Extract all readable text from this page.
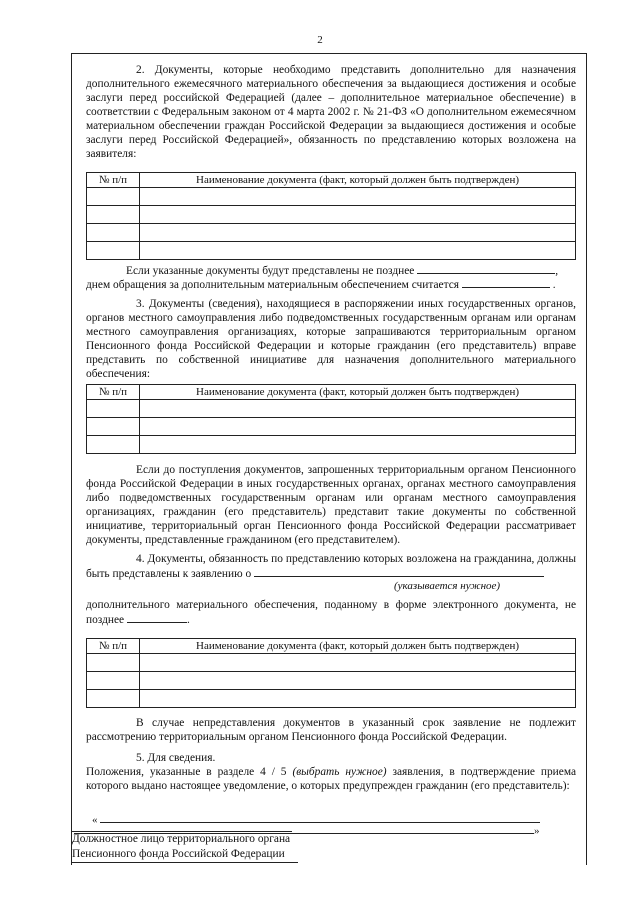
2

2. Документы, которые необходимо представить дополнительно для назначения дополнительного ежемесячного материального обеспечения за выдающиеся достижения и особые заслуги перед российской Федерацией (далее – дополнительное материальное обеспечение) в соответствии с Федеральным законом от 4 марта 2002 г. № 21-ФЗ «О дополнительном ежемесячном материальном обеспечении граждан Российской Федерации за выдающиеся достижения и особые заслуги перед Российской Федерацией», обязанность по представлению которых возложена на заявителя:

№ п/п	Наименование документа (факт, который должен быть подтвержден)

Если указанные документы будут представлены не позднее	,
днем обращения за дополнительным материальным обеспечением считается	.

3. Документы (сведения), находящиеся в распоряжении иных государственных органов, органов местного самоуправления либо подведомственных государственным органам или органам местного самоуправления организациях, которые запрашиваются территориальным органом Пенсионного фонда Российской Федерации и которые гражданин (его представитель) вправе представить по собственной инициативе для назначения дополнительного материального обеспечения:

№ п/п	Наименование документа (факт, который должен быть подтвержден)

Если до поступления документов, запрошенных территориальным органом Пенсионного фонда Российской Федерации в иных государственных органах, органах местного самоуправления либо подведомственных государственным органам или органам местного самоуправления организациях, гражданин (его представитель) представит такие документы по собственной инициативе, территориальный орган Пенсионного фонда Российской Федерации рассматривает документы, представленные гражданином (его представителем).

4. Документы, обязанность по представлению которых возложена на гражданина, должны быть представлены к заявлению о
(указывается нужное)
дополнительного материального обеспечения, поданному в форме электронного документа, не позднее	.
№ п/п	Наименование документа (факт, который должен быть подтвержден)

В случае непредставления документов в указанный срок заявление не подлежит рассмотрению территориальным органом Пенсионного фонда Российской Федерации.

5. Для сведения.

Положения, указанные в разделе 4 / 5 (выбрать нужное) заявления, в подтверждение приема которого выдано настоящее уведомление, о которых предупрежден гражданин (его представитель):

«
»
Должностное лицо территориального органа
Пенсионного фонда Российской Федерации
